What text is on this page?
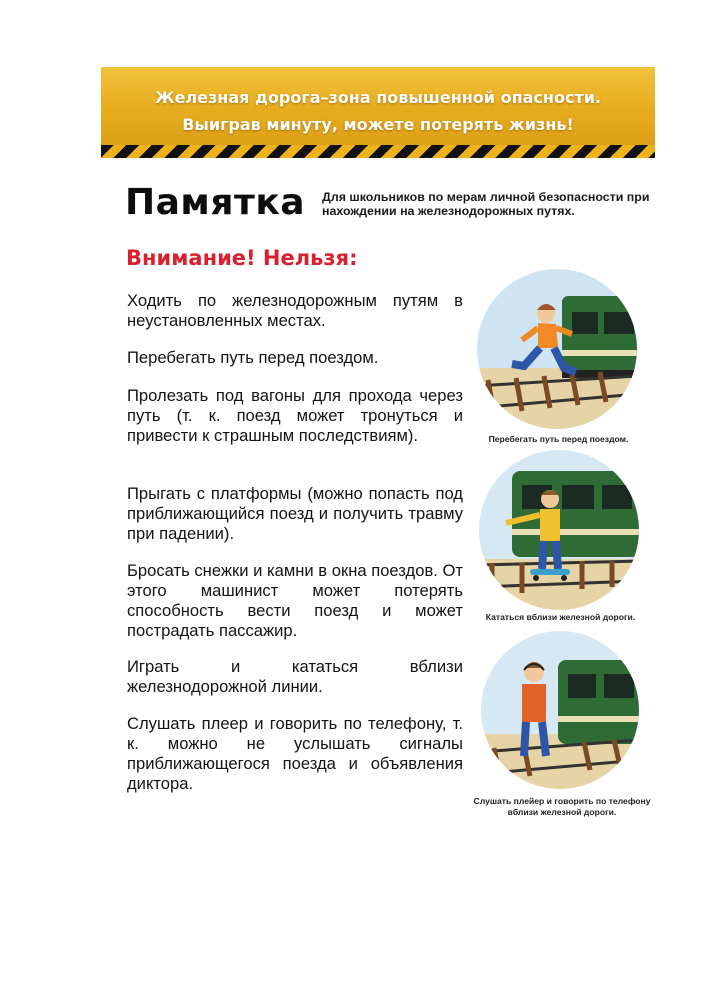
Железная дорога–зона повышенной опасности.
Выиграв минуту, можете потерять жизнь!
Памятка Для школьников по мерам личной безопасности при нахождении на железнодорожных путях.
Внимание! Нельзя:
Ходить по железнодорожным путям в неустановленных местах.
Перебегать путь перед поездом.
Пролезать под вагоны для прохода через путь (т. к. поезд может тронуться и привести к страшным последствиям).
Прыгать с платформы (можно попасть под приближающийся поезд и получить травму при падении).
Бросать снежки и камни в окна поездов. От этого машинист может потерять способность вести поезд и может пострадать пассажир.
Играть и кататься вблизи железнодорожной линии.
Слушать плеер и говорить по телефону, т. к. можно не услышать сигналы приближающегося поезда и объявления диктора.
Перебегать путь перед поездом.
Кататься вблизи железной дороги.
Слушать плейер и говорить по телефону
вблизи железной дороги.
